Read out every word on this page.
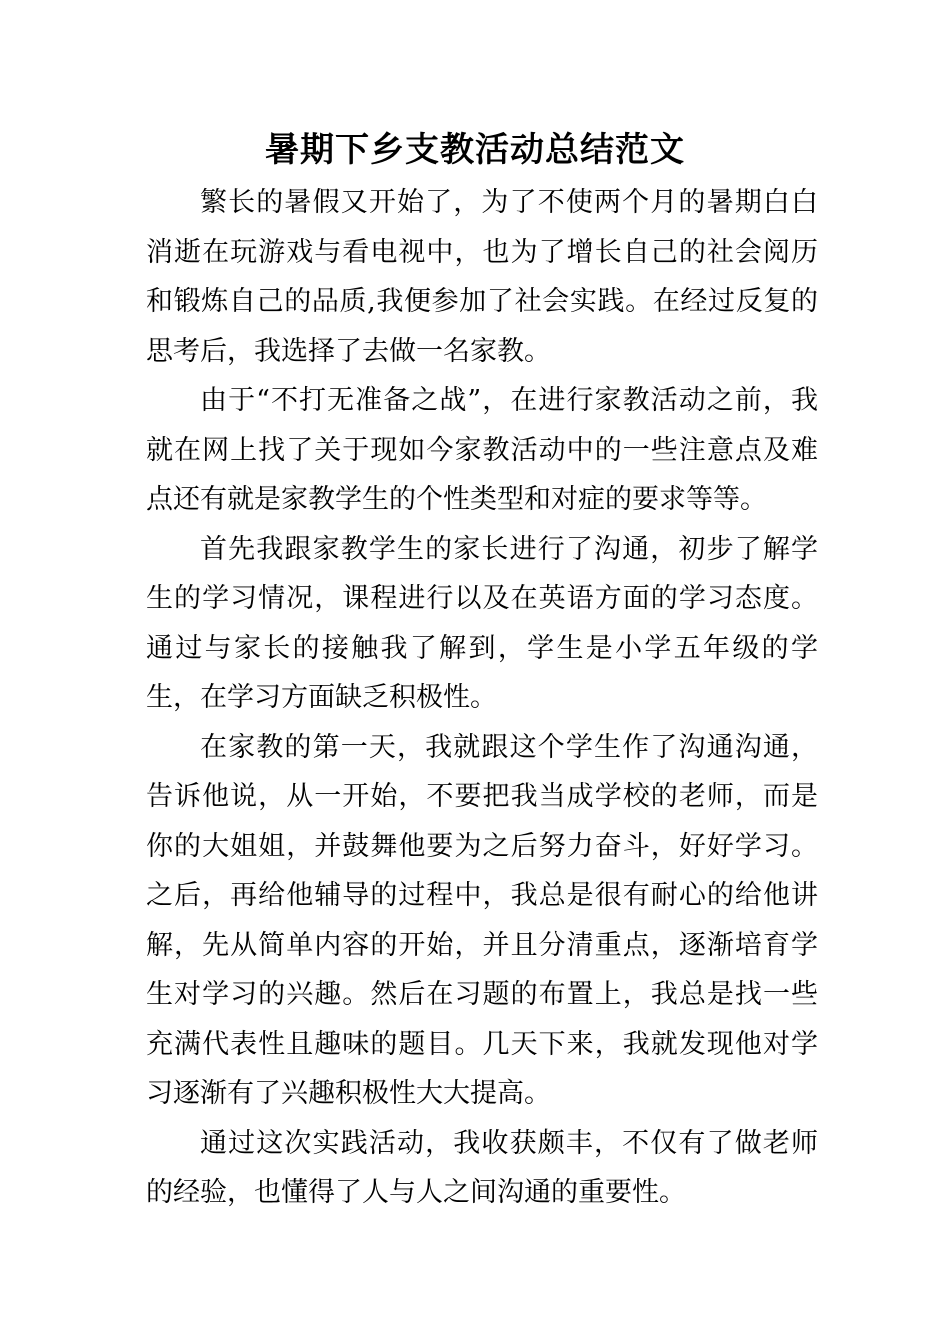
暑期下乡支教活动总结范文

繁长的暑假又开始了，为了不使两个月的暑期白白消逝在玩游戏与看电视中，也为了增长自己的社会阅历和锻炼自己的品质,我便参加了社会实践。在经过反复的思考后，我选择了去做一名家教。

由于“不打无准备之战”，在进行家教活动之前，我就在网上找了关于现如今家教活动中的一些注意点及难点还有就是家教学生的个性类型和对症的要求等等。

首先我跟家教学生的家长进行了沟通，初步了解学生的学习情况，课程进行以及在英语方面的学习态度。通过与家长的接触我了解到，学生是小学五年级的学生，在学习方面缺乏积极性。

在家教的第一天，我就跟这个学生作了沟通沟通，告诉他说，从一开始，不要把我当成学校的老师，而是你的大姐姐，并鼓舞他要为之后努力奋斗，好好学习。之后，再给他辅导的过程中，我总是很有耐心的给他讲解，先从简单内容的开始，并且分清重点，逐渐培育学生对学习的兴趣。然后在习题的布置上，我总是找一些充满代表性且趣味的题目。几天下来，我就发现他对学习逐渐有了兴趣积极性大大提高。

通过这次实践活动，我收获颇丰，不仅有了做老师的经验，也懂得了人与人之间沟通的重要性。
